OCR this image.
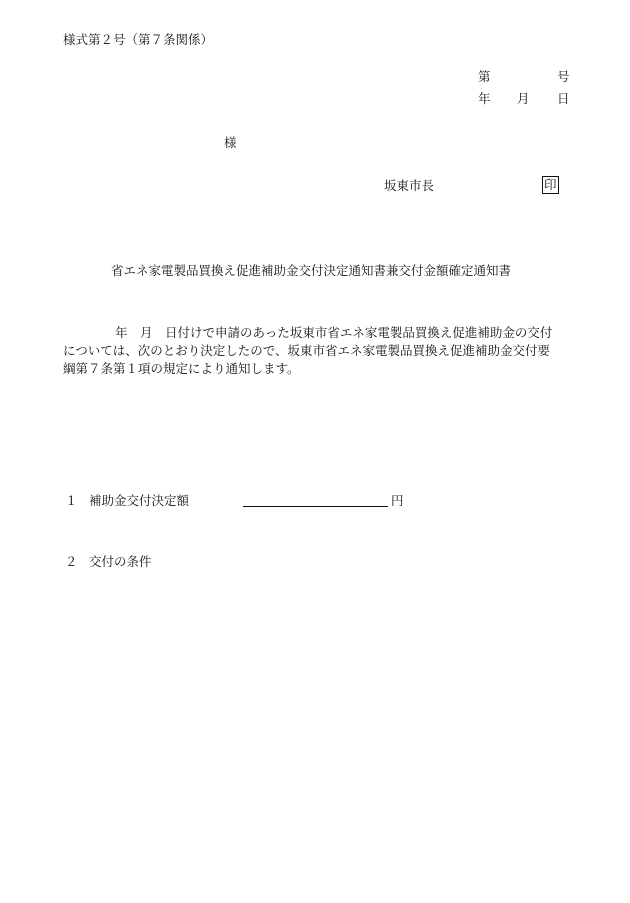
様式第２号（第７条関係）
第	号
年 月 日
様
坂東市長	印
省エネ家電製品買換え促進補助金交付決定通知書兼交付金額確定通知書
年　月　日付けで申請のあった坂東市省エネ家電製品買換え促進補助金の交付
については、次のとおり決定したので、坂東市省エネ家電製品買換え促進補助金交付要
綱第７条第１項の規定により通知します。
１ 補助金交付決定額	円
２ 交付の条件
